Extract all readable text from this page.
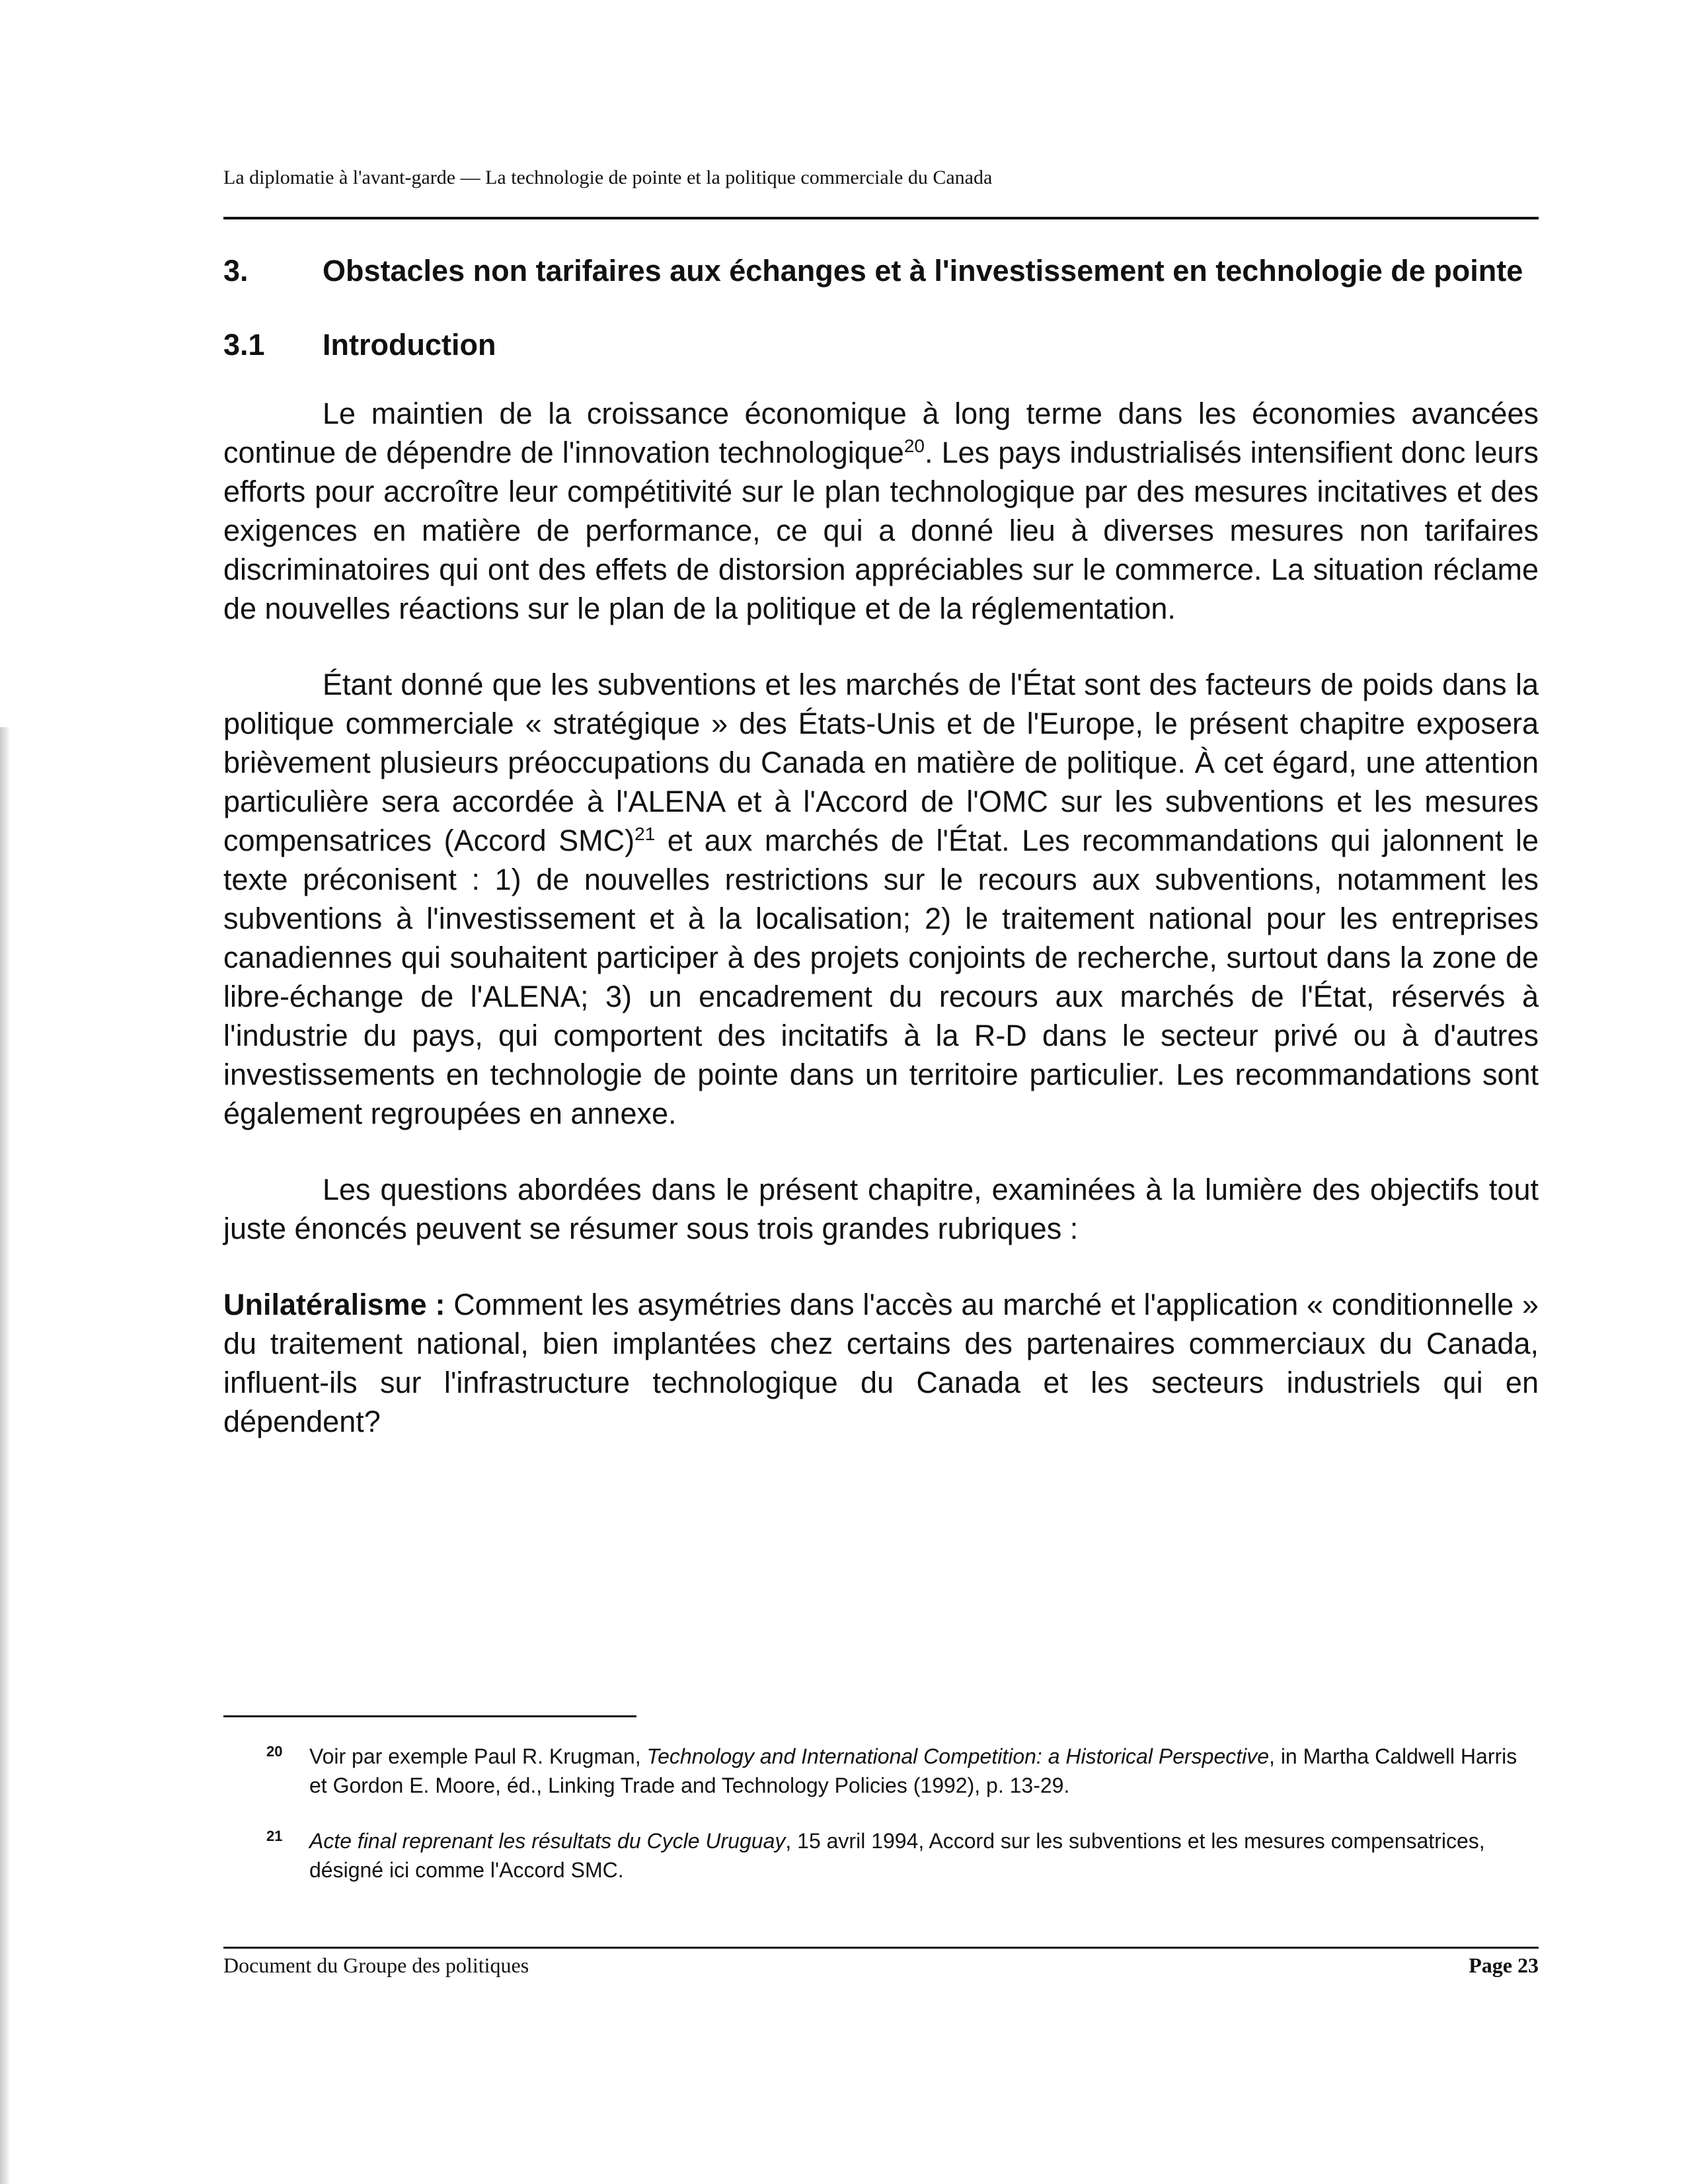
La diplomatie à l'avant-garde — La technologie de pointe et la politique commerciale du Canada
3.	Obstacles non tarifaires aux échanges et à l'investissement en technologie de pointe
3.1	Introduction

Le maintien de la croissance économique à long terme dans les économies avancées continue de dépendre de l'innovation technologique$^{20}$. Les pays industrialisés intensifient donc leurs efforts pour accroître leur compétitivité sur le plan technologique par des mesures incitatives et des exigences en matière de performance, ce qui a donné lieu à diverses mesures non tarifaires discriminatoires qui ont des effets de distorsion appréciables sur le commerce. La situation réclame de nouvelles réactions sur le plan de la politique et de la réglementation.

Étant donné que les subventions et les marchés de l'État sont des facteurs de poids dans la politique commerciale « stratégique » des États-Unis et de l'Europe, le présent chapitre exposera brièvement plusieurs préoccupations du Canada en matière de politique. À cet égard, une attention particulière sera accordée à l'ALENA et à l'Accord de l'OMC sur les subventions et les mesures compensatrices (Accord SMC)$^{21}$ et aux marchés de l'État. Les recommandations qui jalonnent le texte préconisent : 1) de nouvelles restrictions sur le recours aux subventions, notamment les subventions à l'investissement et à la localisation; 2) le traitement national pour les entreprises canadiennes qui souhaitent participer à des projets conjoints de recherche, surtout dans la zone de libre-échange de l'ALENA; 3) un encadrement du recours aux marchés de l'État, réservés à l'industrie du pays, qui comportent des incitatifs à la R-D dans le secteur privé ou à d'autres investissements en technologie de pointe dans un territoire particulier. Les recommandations sont également regroupées en annexe.

Les questions abordées dans le présent chapitre, examinées à la lumière des objectifs tout juste énoncés peuvent se résumer sous trois grandes rubriques :

Unilatéralisme : Comment les asymétries dans l'accès au marché et l'application « conditionnelle » du traitement national, bien implantées chez certains des partenaires commerciaux du Canada, influent-ils sur l'infrastructure technologique du Canada et les secteurs industriels qui en dépendent?

20	Voir par exemple Paul R. Krugman, Technology and International Competition: a Historical Perspective, in Martha Caldwell Harris et Gordon E. Moore, éd., Linking Trade and Technology Policies (1992), p. 13-29.
21	Acte final reprenant les résultats du Cycle Uruguay, 15 avril 1994, Accord sur les subventions et les mesures compensatrices, désigné ici comme l'Accord SMC.
Document du Groupe des politiques	Page 23
